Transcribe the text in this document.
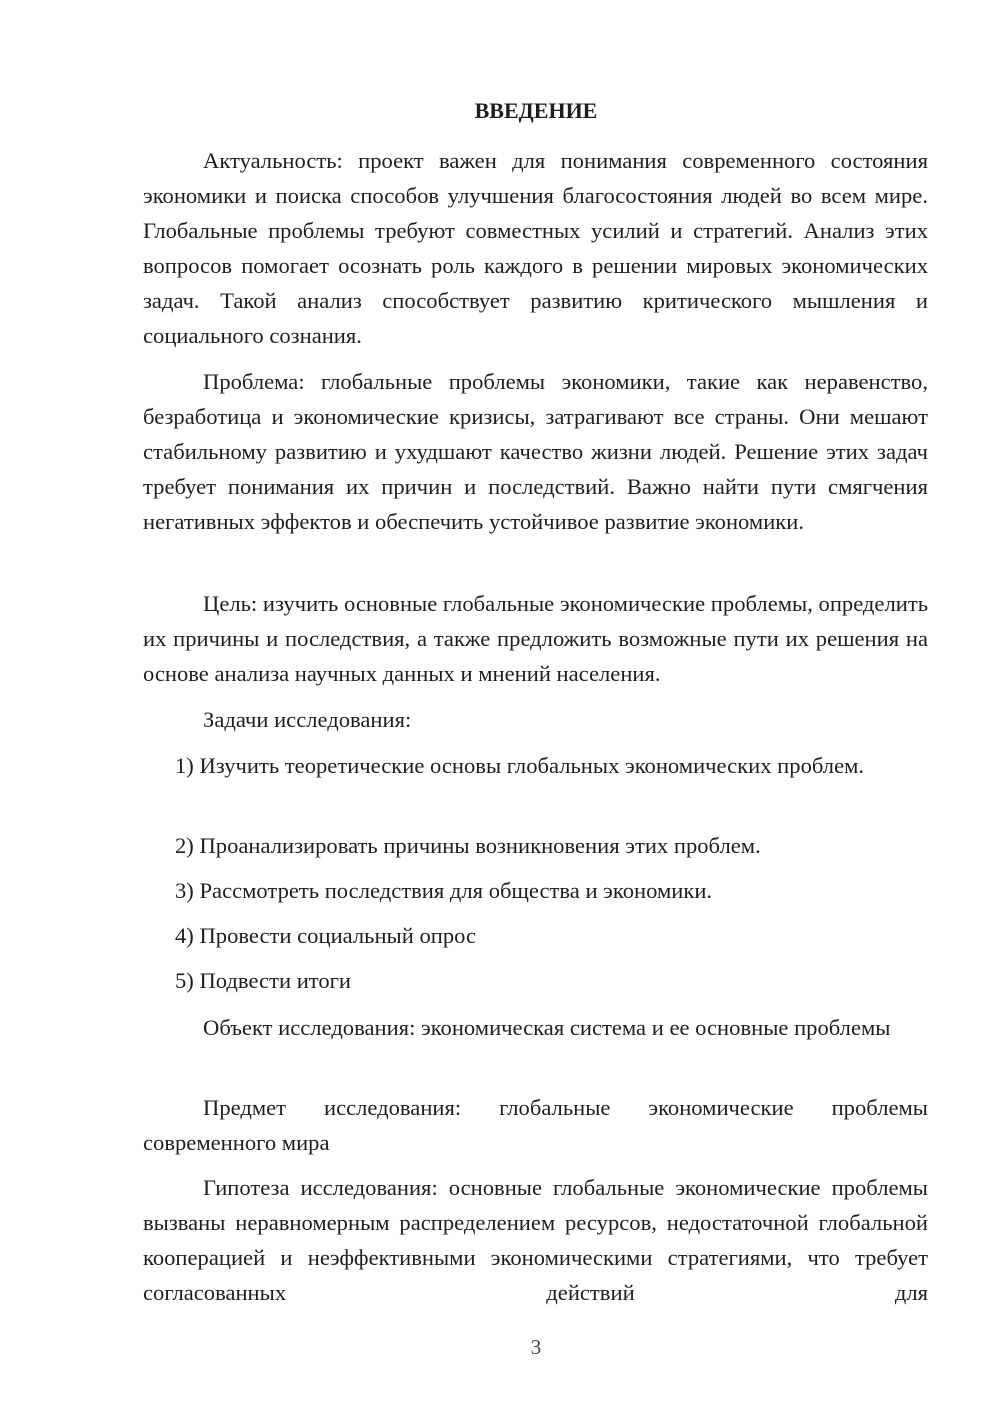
ВВЕДЕНИЕ

Актуальность: проект важен для понимания современного состояния экономики и поиска способов улучшения благосостояния людей во всем мире. Глобальные проблемы требуют совместных усилий и стратегий. Анализ этих вопросов помогает осознать роль каждого в решении мировых экономических задач. Такой анализ способствует развитию критического мышления и социального сознания.

Проблема: глобальные проблемы экономики, такие как неравенство, безработица и экономические кризисы, затрагивают все страны. Они мешают стабильному развитию и ухудшают качество жизни людей. Решение этих задач требует понимания их причин и последствий. Важно найти пути смягчения негативных эффектов и обеспечить устойчивое развитие экономики.

Цель: изучить основные глобальные экономические проблемы, определить их причины и последствия, а также предложить возможные пути их решения на основе анализа научных данных и мнений населения.

Задачи исследования:

1) Изучить теоретические основы глобальных экономических проблем.

2) Проанализировать причины возникновения этих проблем.

3) Рассмотреть последствия для общества и экономики.

4) Провести социальный опрос

5) Подвести итоги

Объект исследования: экономическая система и ее основные проблемы

Предмет исследования: глобальные экономические проблемы современного мира

Гипотеза исследования: основные глобальные экономические проблемы вызваны неравномерным распределением ресурсов, недостаточной глобальной кооперацией и неэффективными экономическими стратегиями, что требует согласованных действий для

3
